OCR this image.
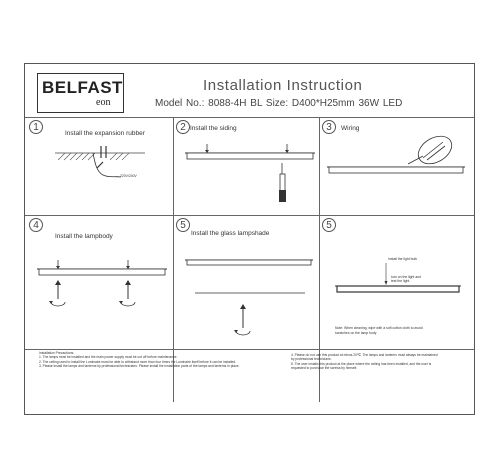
BELFAST
eon
Installation Instruction
Model No.: 8088-4H BL Size: D400*H25mm 36W LED
1
Install the expansion rubber
220V/240V
2 Install the siding	3	Wiring
4
Install the lampbody
5
Install the glass lampshade
5
Install the light bulb
turn on the light and
test the light
Note: When cleaning, wipe with a soft cotton cloth to avoid
scratches on the lamp body
Installation Precautions:
1. The lamps must be installed and the main power supply must be cut off before maintenance.
2. The ceiling used to install the Luminaire must be able to withstand more than four times the Luminaire itself before it can be installed.
3. Please install the lamps and lanterns by professional technicians. Please install the installation parts of the lamps and lanterns in place.
4. Please do not use this product at minus 20℃. The lamps and lanterns must always be maintained
by professional technicians.
5. The user installs this product at the place where the ceiling has been installed, and the user is
requested to purchase the screws by himself.
